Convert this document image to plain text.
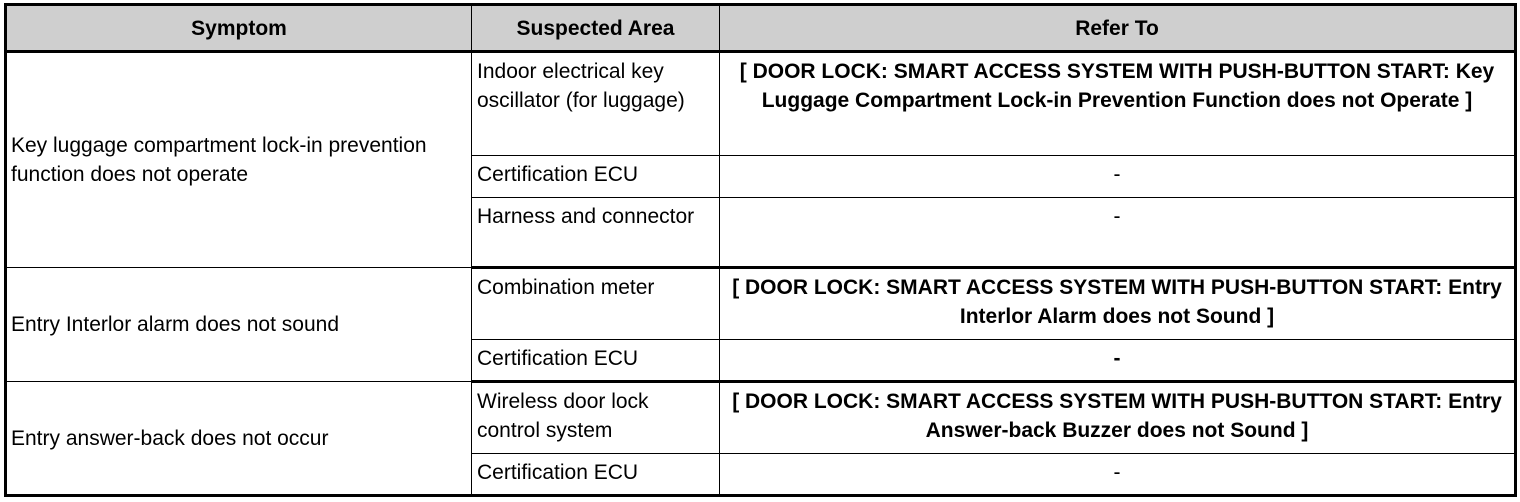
Symptom	Suspected Area	Refer To
Key luggage compartment lock-in prevention function does not operate	Indoor electrical key oscillator (for luggage)	[ DOOR LOCK: SMART ACCESS SYSTEM WITH PUSH-BUTTON START: Key Luggage Compartment Lock-in Prevention Function does not Operate ]
	Certification ECU	-
	Harness and connector	-
Entry Interlor alarm does not sound	Combination meter	[ DOOR LOCK: SMART ACCESS SYSTEM WITH PUSH-BUTTON START: Entry Interlor Alarm does not Sound ]
	Certification ECU	-
Entry answer-back does not occur	Wireless door lock control system	[ DOOR LOCK: SMART ACCESS SYSTEM WITH PUSH-BUTTON START: Entry Answer-back Buzzer does not Sound ]
	Certification ECU	-
